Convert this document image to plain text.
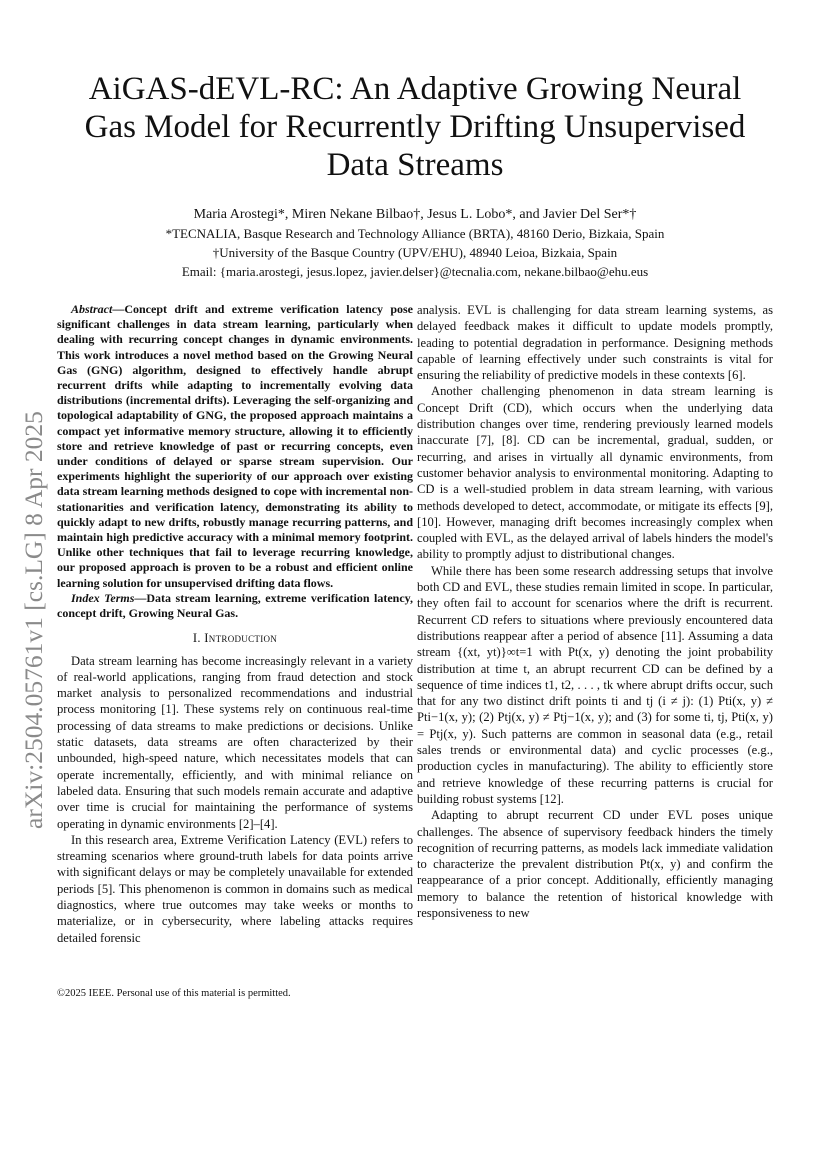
arXiv:2504.05761v1 [cs.LG] 8 Apr 2025
AiGAS-dEVL-RC: An Adaptive Growing Neural Gas Model for Recurrently Drifting Unsupervised Data Streams
Maria Arostegi*, Miren Nekane Bilbao†, Jesus L. Lobo*, and Javier Del Ser*†
*TECNALIA, Basque Research and Technology Alliance (BRTA), 48160 Derio, Bizkaia, Spain
†University of the Basque Country (UPV/EHU), 48940 Leioa, Bizkaia, Spain
Email: {maria.arostegi, jesus.lopez, javier.delser}@tecnalia.com, nekane.bilbao@ehu.eus

Abstract—Concept drift and extreme verification latency pose significant challenges in data stream learning, particularly when dealing with recurring concept changes in dynamic environments. This work introduces a novel method based on the Growing Neural Gas (GNG) algorithm, designed to effectively handle abrupt recurrent drifts while adapting to incrementally evolving data distributions (incremental drifts). Leveraging the self-organizing and topological adaptability of GNG, the proposed approach maintains a compact yet informative memory structure, allowing it to efficiently store and retrieve knowledge of past or recurring concepts, even under conditions of delayed or sparse stream supervision. Our experiments highlight the superiority of our approach over existing data stream learning methods designed to cope with incremental non-stationarities and verification latency, demonstrating its ability to quickly adapt to new drifts, robustly manage recurring patterns, and maintain high predictive accuracy with a minimal memory footprint. Unlike other techniques that fail to leverage recurring knowledge, our proposed approach is proven to be a robust and efficient online learning solution for unsupervised drifting data flows.

Index Terms—Data stream learning, extreme verification latency, concept drift, Growing Neural Gas.

I. Introduction

Data stream learning has become increasingly relevant in a variety of real-world applications, ranging from fraud detection and stock market analysis to personalized recommendations and industrial process monitoring [1]. These systems rely on continuous real-time processing of data streams to make predictions or decisions. Unlike static datasets, data streams are often characterized by their unbounded, high-speed nature, which necessitates models that can operate incrementally, efficiently, and with minimal reliance on labeled data. Ensuring that such models remain accurate and adaptive over time is crucial for maintaining the performance of systems operating in dynamic environments [2]–[4].

In this research area, Extreme Verification Latency (EVL) refers to streaming scenarios where ground-truth labels for data points arrive with significant delays or may be completely unavailable for extended periods [5]. This phenomenon is common in domains such as medical diagnostics, where true outcomes may take weeks or months to materialize, or in cybersecurity, where labeling attacks requires detailed forensic

analysis. EVL is challenging for data stream learning systems, as delayed feedback makes it difficult to update models promptly, leading to potential degradation in performance. Designing methods capable of learning effectively under such constraints is vital for ensuring the reliability of predictive models in these contexts [6].

Another challenging phenomenon in data stream learning is Concept Drift (CD), which occurs when the underlying data distribution changes over time, rendering previously learned models inaccurate [7], [8]. CD can be incremental, gradual, sudden, or recurring, and arises in virtually all dynamic environments, from customer behavior analysis to environmental monitoring. Adapting to CD is a well-studied problem in data stream learning, with various methods developed to detect, accommodate, or mitigate its effects [9], [10]. However, managing drift becomes increasingly complex when coupled with EVL, as the delayed arrival of labels hinders the model's ability to promptly adjust to distributional changes.

While there has been some research addressing setups that involve both CD and EVL, these studies remain limited in scope. In particular, they often fail to account for scenarios where the drift is recurrent. Recurrent CD refers to situations where previously encountered data distributions reappear after a period of absence [11]. Assuming a data stream {(xt, yt)}∞t=1 with Pt(x, y) denoting the joint probability distribution at time t, an abrupt recurrent CD can be defined by a sequence of time indices t1, t2, . . . , tk where abrupt drifts occur, such that for any two distinct drift points ti and tj (i ≠ j): (1) Pti(x, y) ≠ Pti−1(x, y); (2) Ptj(x, y) ≠ Ptj−1(x, y); and (3) for some ti, tj, Pti(x, y) = Ptj(x, y). Such patterns are common in seasonal data (e.g., retail sales trends or environmental data) and cyclic processes (e.g., production cycles in manufacturing). The ability to efficiently store and retrieve knowledge of these recurring patterns is crucial for building robust systems [12].

Adapting to abrupt recurrent CD under EVL poses unique challenges. The absence of supervisory feedback hinders the timely recognition of recurring patterns, as models lack immediate validation to characterize the prevalent distribution Pt(x, y) and confirm the reappearance of a prior concept. Additionally, efficiently managing memory to balance the retention of historical knowledge with responsiveness to new

©2025 IEEE. Personal use of this material is permitted.
